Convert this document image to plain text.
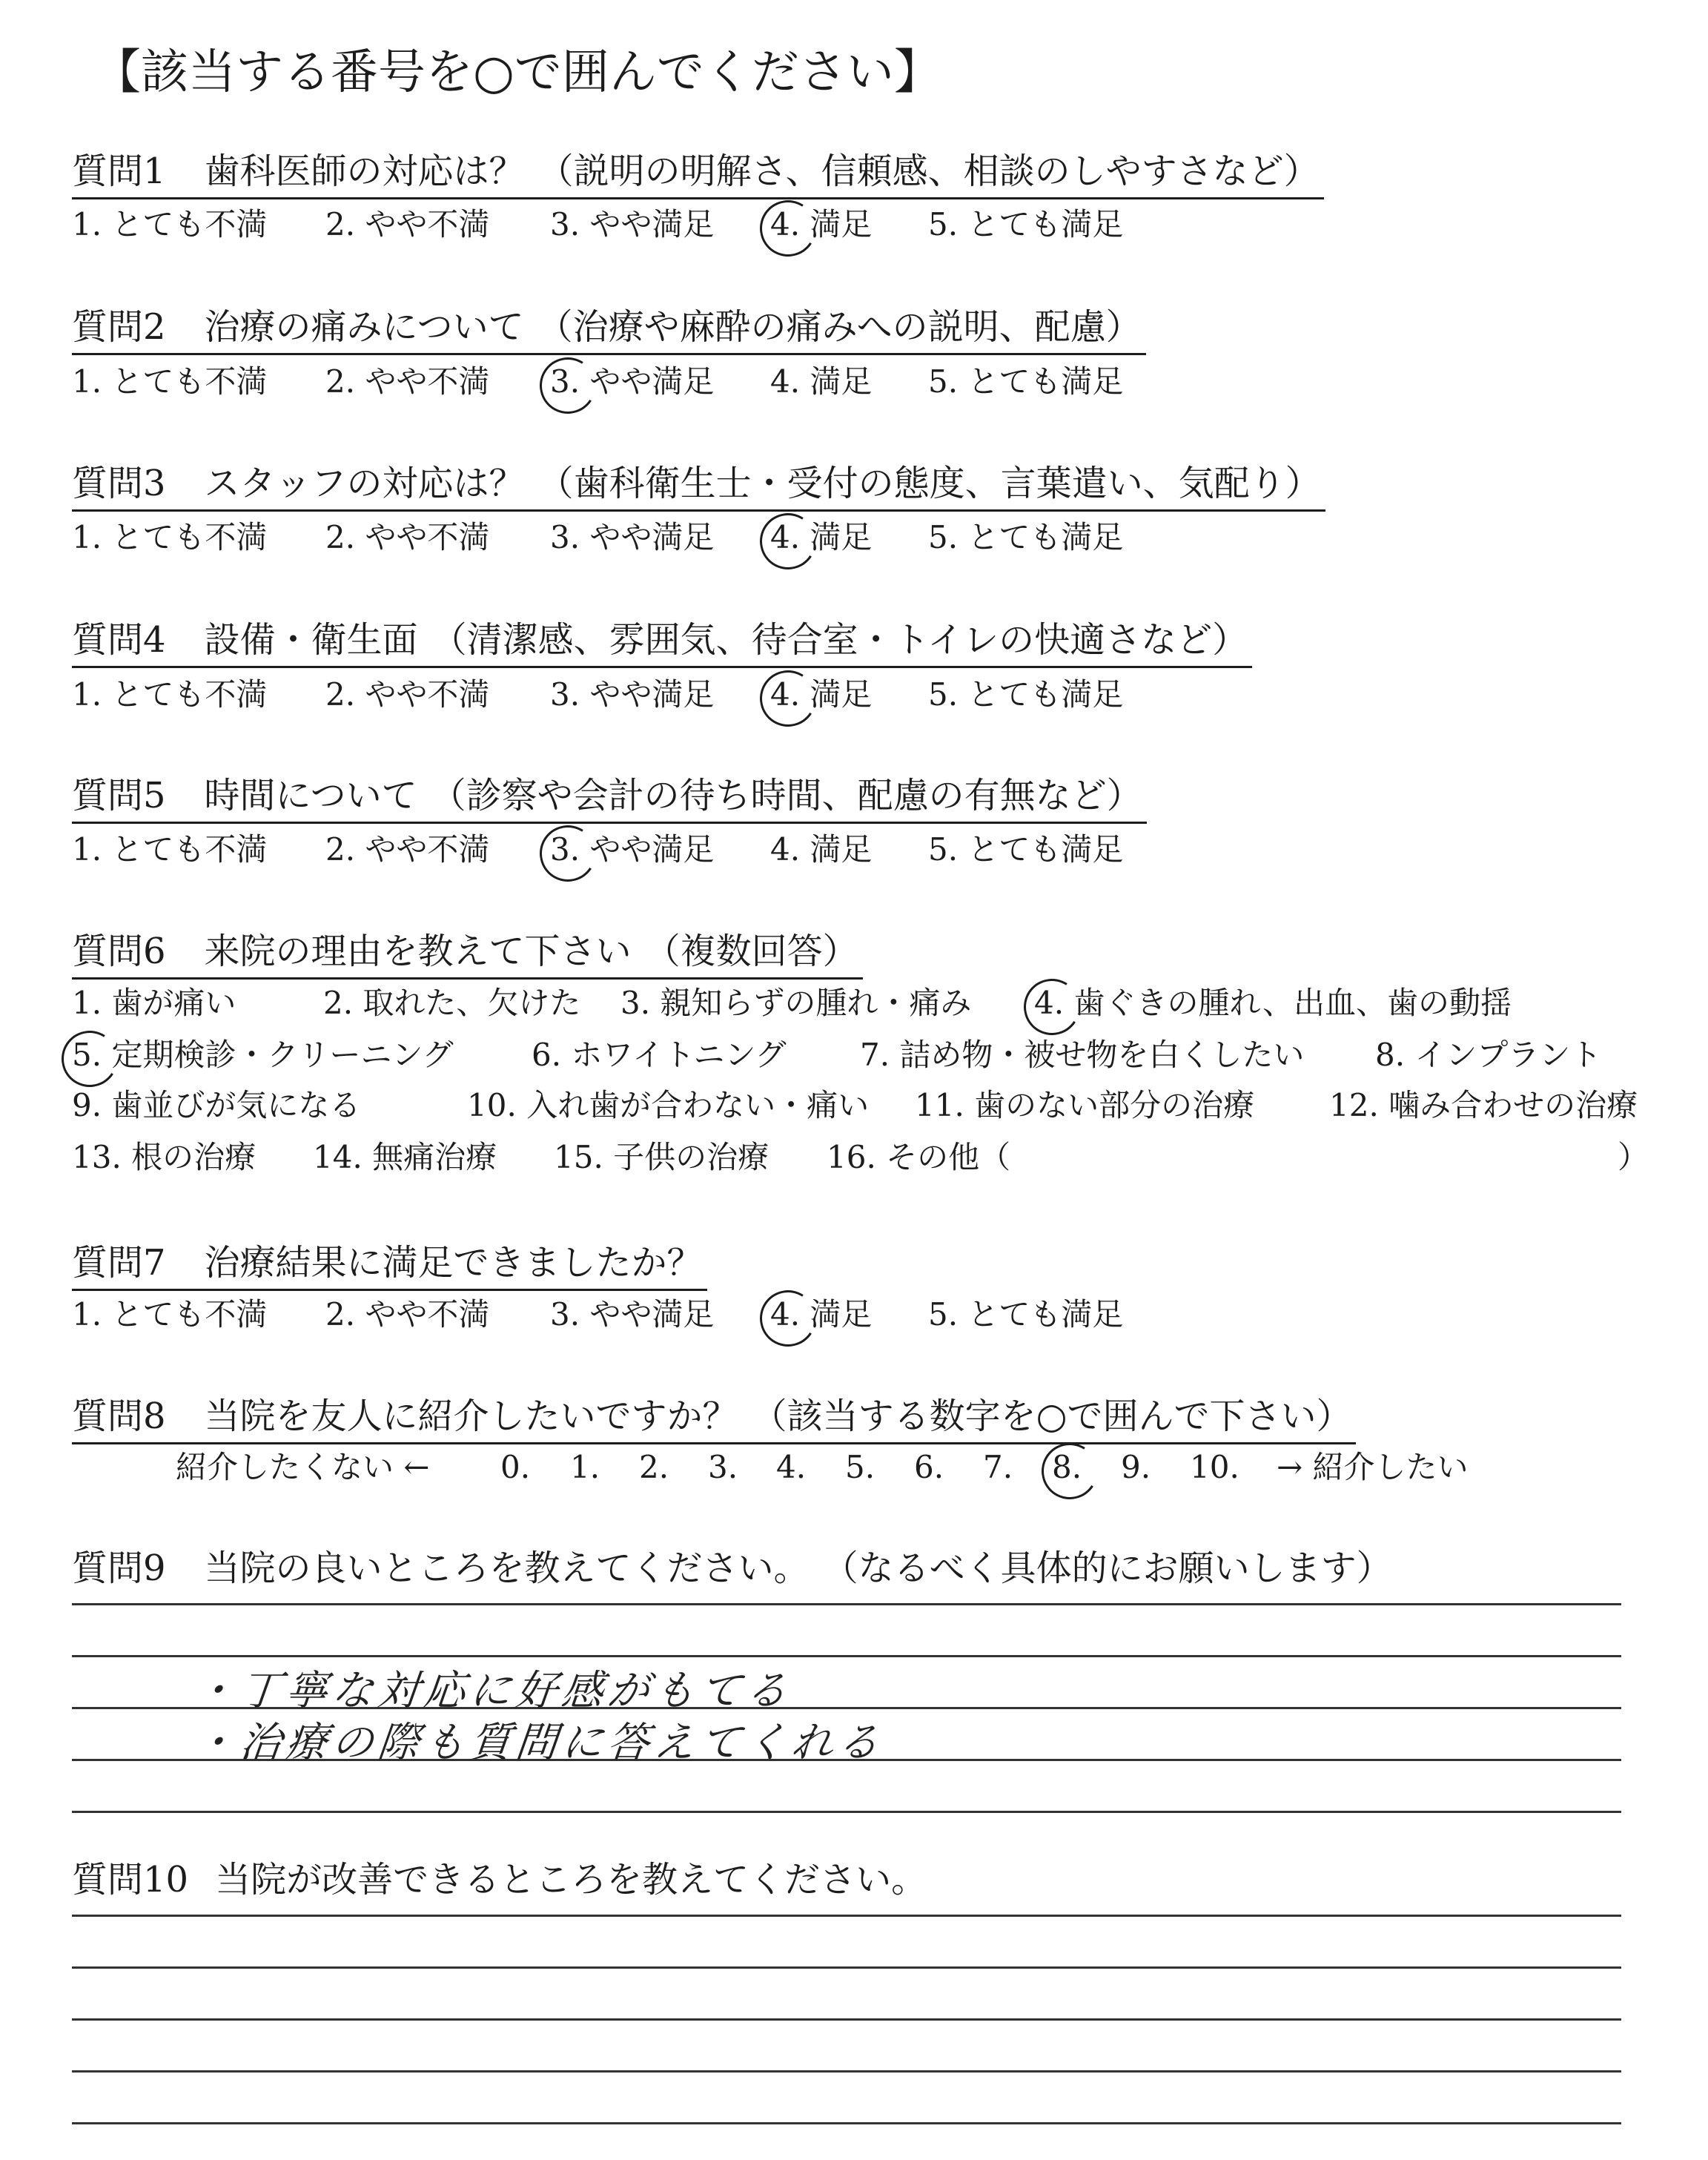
【該当する番号を○で囲んでください】
質問1 歯科医師の対応は？ （説明の明解さ、信頼感、相談のしやすさなど）
1. とても不満 2. やや不満 3. やや満足 4. 満足 5. とても満足
質問2 治療の痛みについて （治療や麻酔の痛みへの説明、配慮）
1. とても不満 2. やや不満 3. やや満足 4. 満足 5. とても満足
質問3 スタッフの対応は？ （歯科衛生士・受付の態度、言葉遣い、気配り）
1. とても不満 2. やや不満 3. やや満足 4. 満足 5. とても満足
質問4 設備・衛生面 （清潔感、雰囲気、待合室・トイレの快適さなど）
1. とても不満 2. やや不満 3. やや満足 4. 満足 5. とても満足
質問5 時間について （診察や会計の待ち時間、配慮の有無など）
1. とても不満 2. やや不満 3. やや満足 4. 満足 5. とても満足
質問6 来院の理由を教えて下さい （複数回答）
1. 歯が痛い	2. 取れた、欠けた 3. 親知らずの腫れ・痛み 4. 歯ぐきの腫れ、出血、歯の動揺
5. 定期検診・クリーニング	6. ホワイトニング 7. 詰め物・被せ物を白くしたい 8. インプラント
9. 歯並びが気になる	10. 入れ歯が合わない・痛い 11. 歯のない部分の治療 12. 噛み合わせの治療
13. 根の治療 14. 無痛治療 15. 子供の治療 16. その他（	）
質問7 治療結果に満足できましたか？
1. とても不満 2. やや不満 3. やや満足 4. 満足 5. とても満足
質問8 当院を友人に紹介したいですか？ （該当する数字を○で囲んで下さい）
紹介したくない ← 0. 1. 2. 3. 4. 5. 6. 7. 8. 9. 10. → 紹介したい
質問9 当院の良いところを教えてください。 （なるべく具体的にお願いします）
・丁寧な対応に好感がもてる
・治療の際も質問に答えてくれる
質問10 当院が改善できるところを教えてください。
